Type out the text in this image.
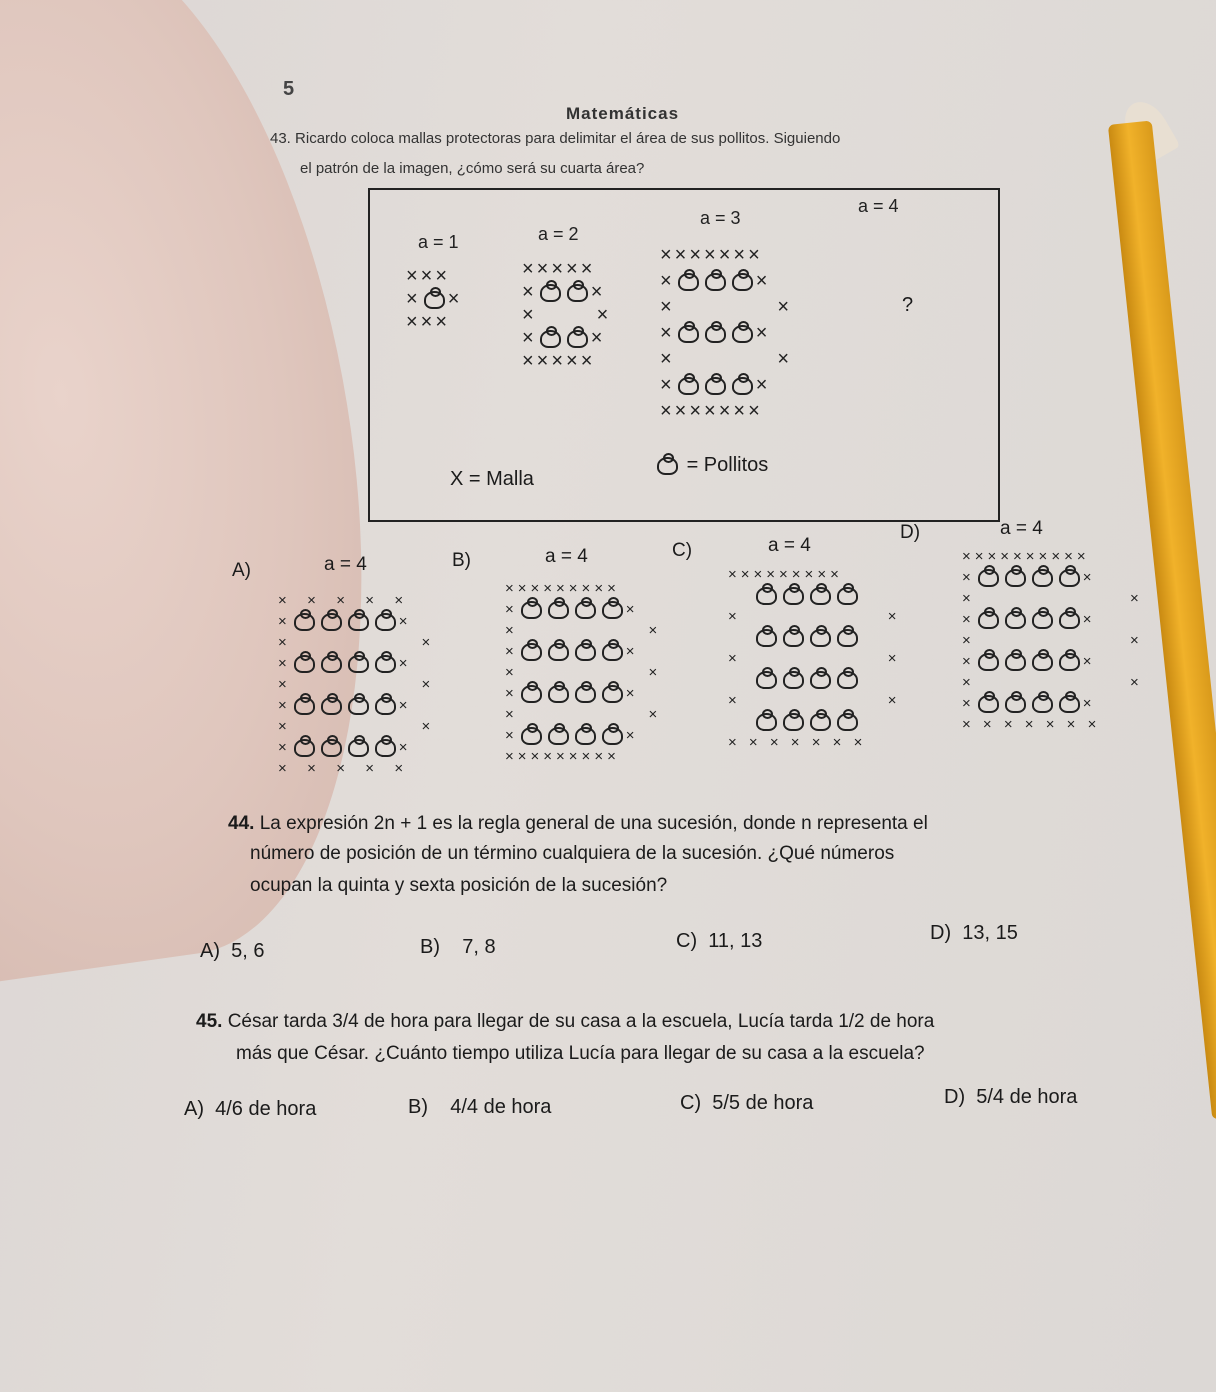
5
Matemáticas
43. Ricardo coloca mallas protectoras para delimitar el área de sus pollitos. Siguiendo
el patrón de la imagen, ¿cómo será su cuarta área?
a = 1	a = 2
a = 3
a = 4
×××
× ×
×××
×××××
×	×
×       ×
×	×
×××××
×××××××
×	×
×            ×
×	×
×            ×
×	×
×××××××
?
X = Malla
= Pollitos
A)	a = 4	B)	a = 4	C)	a = 4
D)	a = 4
×  ×  ×  ×  ×
×	×
×                ×
×	×
×                ×
×	×
×                ×
×	×
×  ×  ×  ×  ×
×××××××××
×	×
×                ×
×	×
×                ×
×	×
×                ×
×	×
×××××××××
×××××××××

×                  ×

×                  ×

×                  ×

× × × × × × ×
××××××××××
×	×
×                   ×
×	×
×                   ×
×	×
×                   ×
×	×
× × × × × × ×
44. La expresión 2n + 1 es la regla general de una sucesión, donde n representa el
número de posición de un término cualquiera de la sucesión. ¿Qué números
ocupan la quinta y sexta posición de la sucesión?
A) 5, 6	B) 7, 8	C) 11, 13	D) 13, 15
45. César tarda 3/4 de hora para llegar de su casa a la escuela, Lucía tarda 1/2 de hora
más que César. ¿Cuánto tiempo utiliza Lucía para llegar de su casa a la escuela?
A) 4/6 de hora	B) 4/4 de hora	C) 5/5 de hora	D) 5/4 de hora
